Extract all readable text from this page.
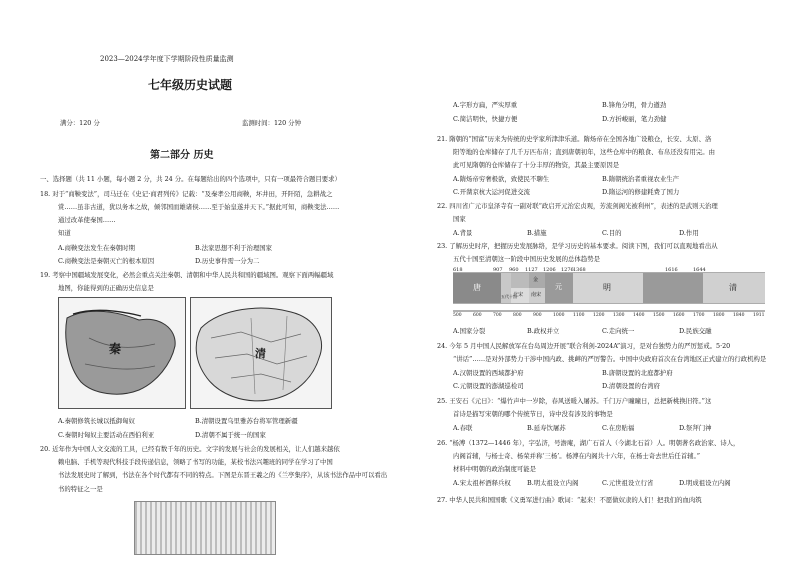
2023—2024学年度下学期阶段性质量监测
七年级历史试题
满分：120 分	监测时间：120 分钟
第二部分 历史
一、选择题（共 11 小题，每小题 2 分，共 24 分。在每题给出的四个选项中，只有一项最符合题目要求）
18. 对于“商鞅变法”，司马迁在《史记·商君列传》记载：“及秦孝公用商鞅，坏井田，开阡陌，急耕战之
赏……虽非古道，犹以务本之故，倾邻国而雄诸侯……至于始皇遂并天下。”据此可知，商鞅变法……
通过改革使秦国……
知道
A.商鞅变法发生在秦朝时期	B.法家思想不利于治理国家
C.商鞅变法是秦朝灭亡的根本原因	D.历史事件需一分为二
19. 考察中国疆域发展变化，必然会重点关注秦朝、清朝和中华人民共和国的疆域图。观察下面两幅疆域
地图，你能得到的正确历史信息是
秦	清
A.秦朝修筑长城以抵御匈奴	B.清朝设置乌里雅苏台将军管理新疆
C.秦朝时匈奴主要活动在西伯利亚	D.清朝不属于统一的国家
20. 近年作为中国人文交流的工具，已经有数千年的历史。文字的发展与社会的发展相关，让人们越来越依
赖电脑、手机等现代科技手段传递信息，领略了书写的功能，某校书法兴趣班的同学在学习了中国
书法发展史时了解到，书法在各个时代都有不同的特点。下图是东晋王羲之的《兰亭集序》，从该书法作品中可以看出
书的特征之一是
A.字形方扁，严实厚重	B.锋角分明，骨力遒劲
C.简洁明快，快捷方便	D.方折峻丽，笔力劲健
21. 隋朝的“国富”历来为传统的史学家所津津乐道。隋炀帝在全国各地广设粮仓，长安、太原、洛
阳等地的仓库储存了几千万匹布帛；直到唐朝初年，这些仓库中的粮食、布帛还没有用完。由
此可见隋朝的仓库储存了十分丰厚的物资，其最主要原因是
A.隋炀帝穷奢极欲，致使民不聊生	B.隋朝统治者重视农业生产
C.开凿京杭大运河促进交流	D.隋运河的修建耗费了国力
22. 四川省广元市皇泽寺有一副对联“政启开元治宏贞观，芳流剑阁光被利州”，表述的是武则天治理
国家
A.背景	B.措施	C.目的	D.作用
23. 了解历史时序，把握历史发展脉络，是学习历史的基本要求。阅读下图，我们可以直观地看出从
五代十国至清朝这一阶段中国历史发展的总体趋势是
A.国家分裂	B.政权并立	C.走向统一	D.民族交融
24. 今年 5 月中国人民解放军在台岛周边开展“联合利剑-2024A”演习，是对台独势力的严厉惩戒。5·20
“讲话”……是对外部势力干涉中国内政、挑衅的严厉警告。中国中央政府首次在台湾地区正式建立的行政机构是
A.汉朝设置的西域都护府	B.唐朝设置的北庭都护府
C.元朝设置的澎湖巡检司	D.清朝设置的台湾府
25. 王安石《元日》：“爆竹声中一岁除，春风送暖入屠苏。千门万户曈曈日，总把新桃换旧符。”这
首诗是描写宋朝的哪个传统节日，诗中没有涉及的事物是
A.春联	B.延寿饮屠苏	C.在房贴福	D.祭拜门神
26. “杨溥（1372—1446 年），字弘济，号澹庵，湖广石首人（今湖北石首）人。明朝著名政治家、诗人，
内阁首辅，与杨士奇、杨荣并称‘三杨’。杨溥在内阁共十六年，在杨士奇去世后任首辅。”
材料中明朝的政治制度可能是
A.宋太祖杯酒释兵权	B.明太祖设立内阁	C.元世祖设立行省	D.明成祖设立内阁
27. 中华人民共和国国歌《义勇军进行曲》歌词：“起来！不愿做奴隶的人们！把我们的血肉筑
618	907 960 1127 1206 1276 1368	1616	1644
唐
五代十国
北宋 南宋
金
元	明	清
500	600	700	800	900	1000 1100 1200 1300 1400 1500 1600 1700 1800 1840 1911
